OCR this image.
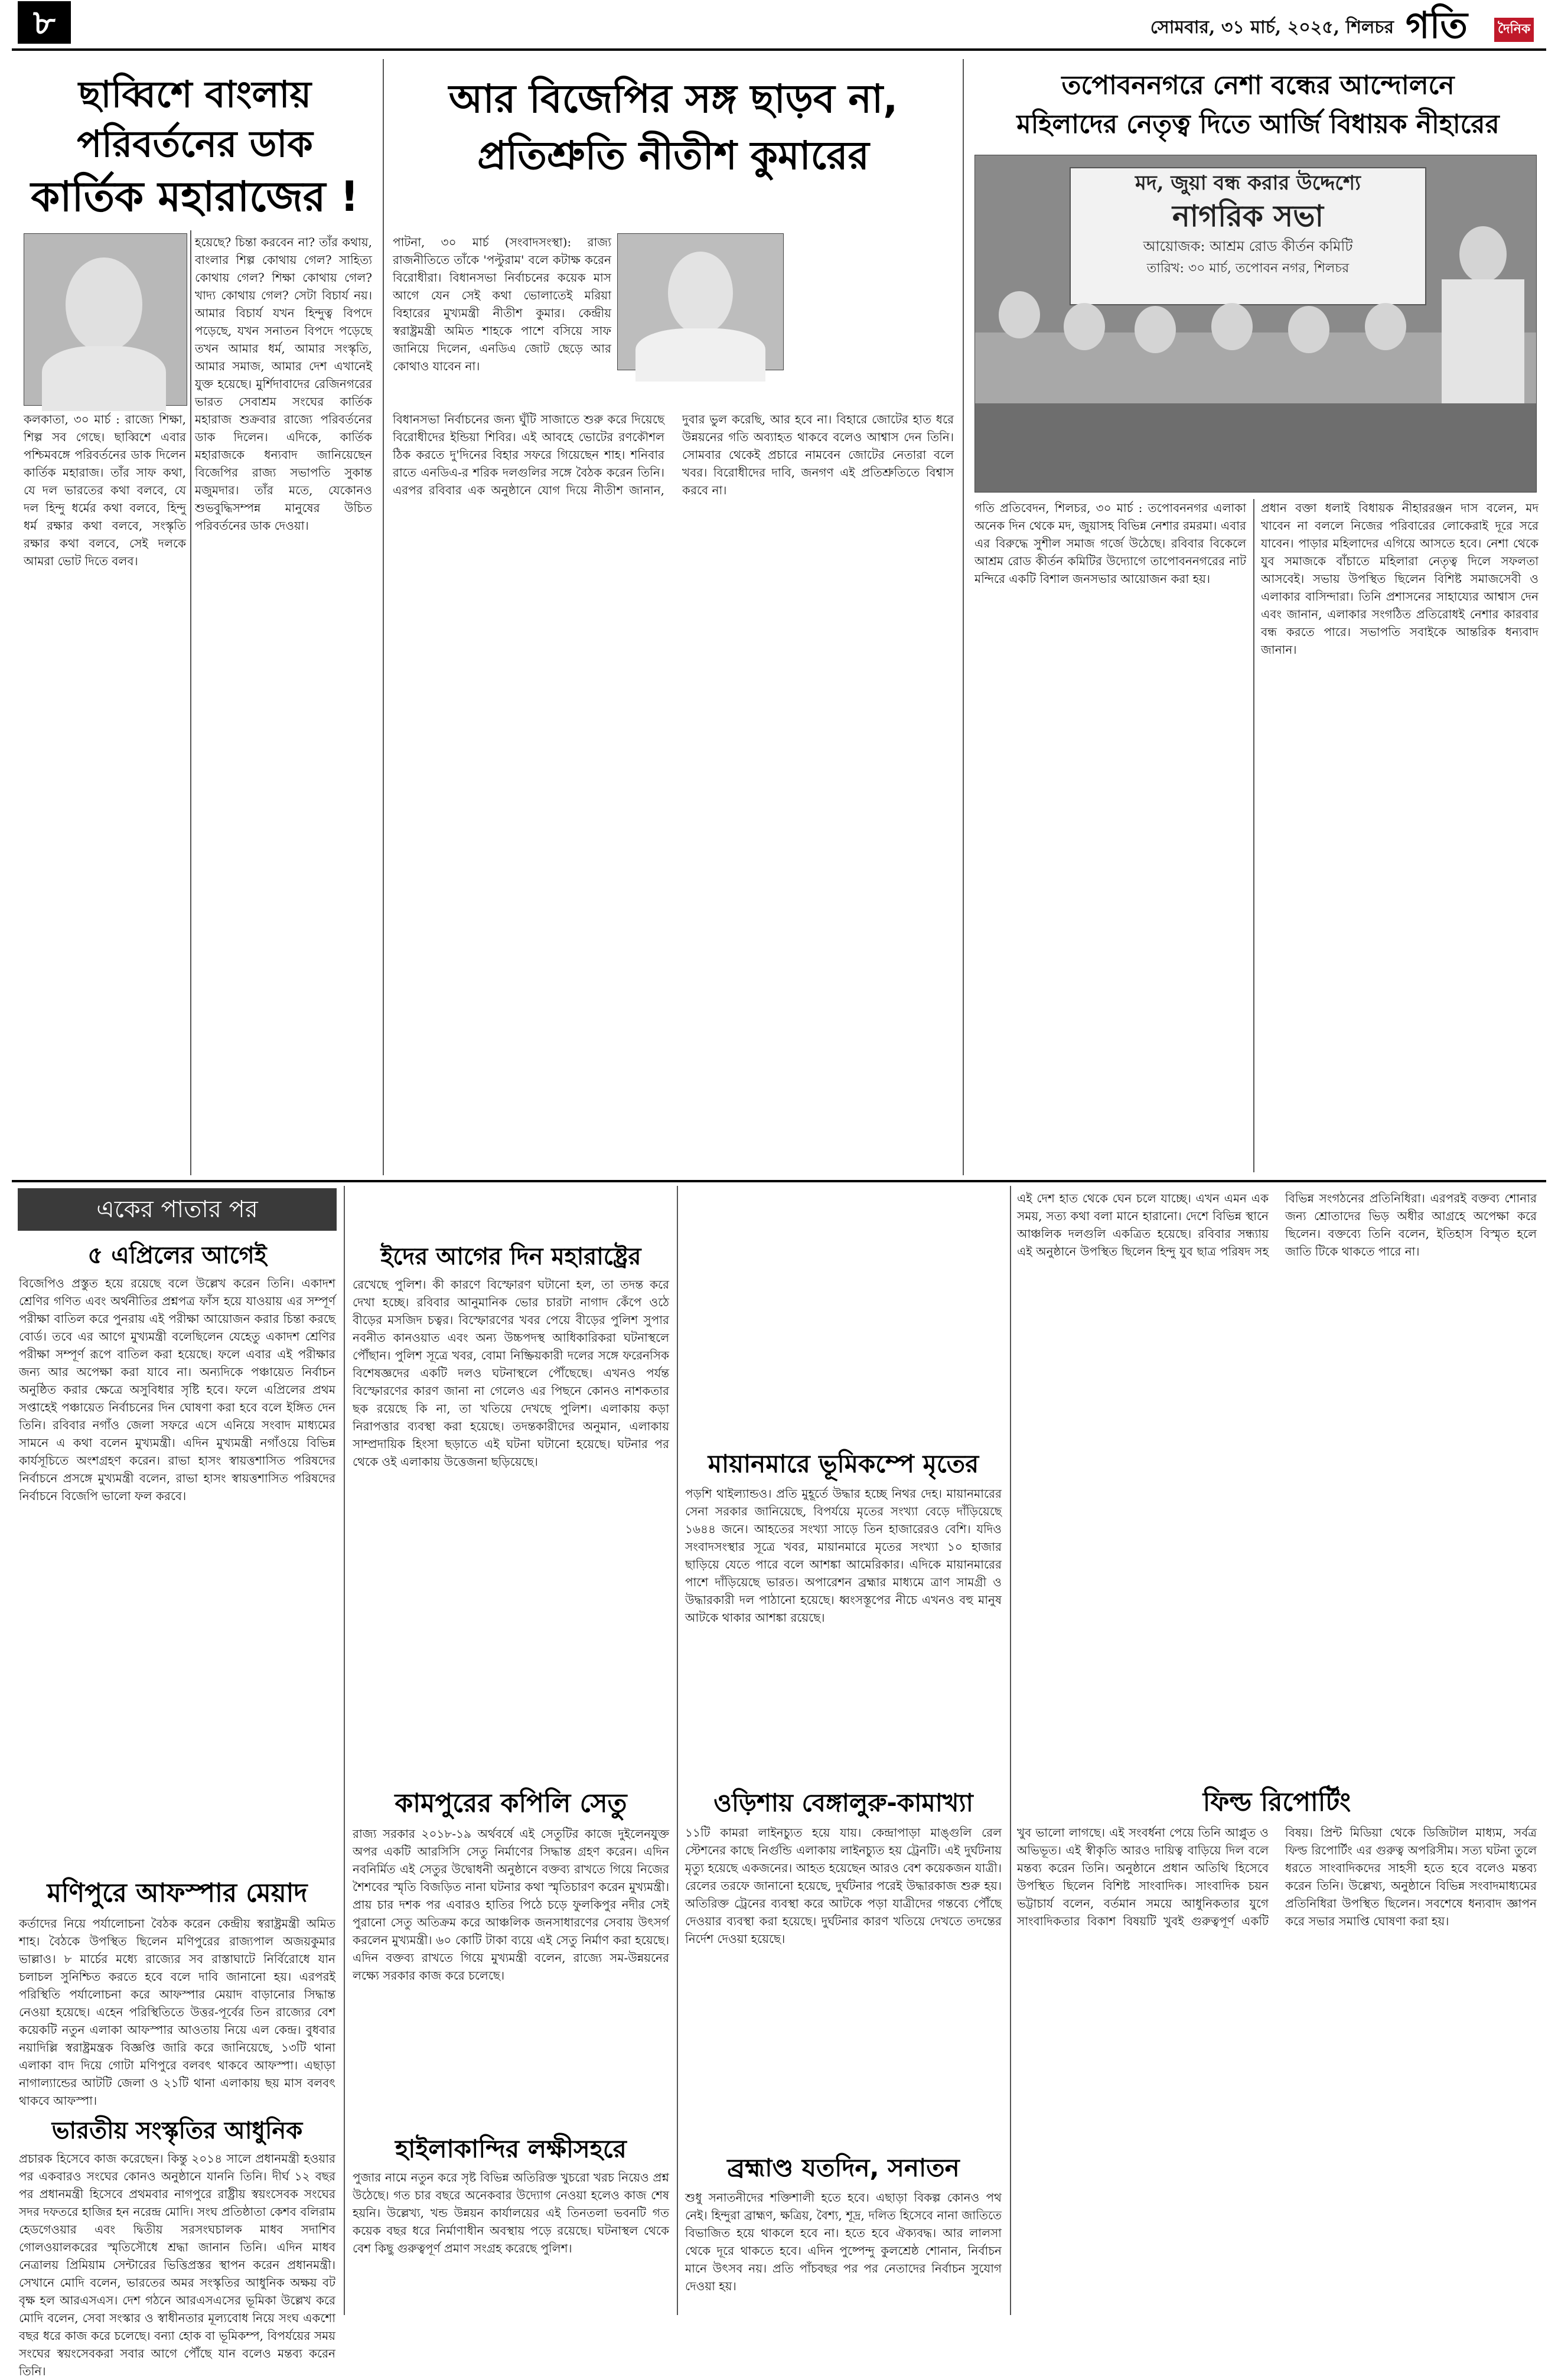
৮	সোমবার, ৩১ মার্চ, ২০২৫, শিলচর গতি দৈনিক
ছাব্বিশে বাংলায়
পরিবর্তনের ডাক
কার্তিক মহারাজের !
হয়েছে? চিন্তা করবেন না? তাঁর কথায়, বাংলার শিল্প কোথায় গেল? সাহিত্য কোথায় গেল? শিক্ষা কোথায় গেল? খাদ্য কোথায় গেল? সেটা বিচার্য নয়। আমার বিচার্য যখন হিন্দুত্ব বিপদে পড়েছে, যখন সনাতন বিপদে পড়েছে তখন আমার ধর্ম, আমার সংস্কৃতি, আমার সমাজ, আমার দেশ এখানেই যুক্ত হয়েছে। মুর্শিদাবাদের রেজিনগরের ভারত সেবাশ্রম সংঘের কার্তিক মহারাজ শুক্রবার রাজ্যে পরিবর্তনের ডাক দিলেন। এদিকে, কার্তিক মহারাজকে ধন্যবাদ জানিয়েছেন বিজেপির রাজ্য সভাপতি সুকান্ত মজুমদার। তাঁর মতে, যেকোনও শুভবুদ্ধিসম্পন্ন মানুষের উচিত পরিবর্তনের ডাক দেওয়া।
কলকাতা, ৩০ মার্চ : রাজ্যে শিক্ষা, শিল্প সব গেছে। ছাব্বিশে এবার পশ্চিমবঙ্গে পরিবর্তনের ডাক দিলেন কার্তিক মহারাজ। তাঁর সাফ কথা, যে দল ভারতের কথা বলবে, যে দল হিন্দু ধর্মের কথা বলবে, হিন্দু ধর্ম রক্ষার কথা বলবে, সংস্কৃতি রক্ষার কথা বলবে, সেই দলকে আমরা ভোট দিতে বলব।
আর বিজেপির সঙ্গ ছাড়ব না,
প্রতিশ্রুতি নীতীশ কুমারের
পাটনা, ৩০ মার্চ (সংবাদসংস্থা): রাজ্য রাজনীতিতে তাঁকে 'পল্টুরাম' বলে কটাক্ষ করেন বিরোধীরা। বিধানসভা নির্বাচনের কয়েক মাস আগে যেন সেই কথা ভোলাতেই মরিয়া বিহারের মুখ্যমন্ত্রী নীতীশ কুমার। কেন্দ্রীয় স্বরাষ্ট্রমন্ত্রী অমিত শাহকে পাশে বসিয়ে সাফ জানিয়ে দিলেন, এনডিএ জোট ছেড়ে আর কোথাও যাবেন না।
বিধানসভা নির্বাচনের জন্য ঘুঁটি সাজাতে শুরু করে দিয়েছে বিরোধীদের ইন্ডিয়া শিবির। এই আবহে ভোটের রণকৌশল ঠিক করতে দু'দিনের বিহার সফরে গিয়েছেন শাহ। শনিবার রাতে এনডিএ-র শরিক দলগুলির সঙ্গে বৈঠক করেন তিনি। এরপর রবিবার এক অনুষ্ঠানে যোগ দিয়ে নীতীশ জানান, দুবার ভুল করেছি, আর হবে না। বিহারে জোটের হাত ধরে উন্নয়নের গতি অব্যাহত থাকবে বলেও আশ্বাস দেন তিনি। সোমবার থেকেই প্রচারে নামবেন জোটের নেতারা বলে খবর। বিরোধীদের দাবি, জনগণ এই প্রতিশ্রুতিতে বিশ্বাস করবে না।
তপোবননগরে নেশা বন্ধের আন্দোলনে
মহিলাদের নেতৃত্ব দিতে আর্জি বিধায়ক নীহারের
মদ, জুয়া বন্ধ করার উদ্দেশ্যে
নাগরিক সভা
আয়োজক: আশ্রম রোড কীর্তন কমিটি
তারিখ: ৩০ মার্চ, তপোবন নগর, শিলচর
গতি প্রতিবেদন, শিলচর, ৩০ মার্চ : তপোবননগর এলাকা অনেক দিন থেকে মদ, জুয়াসহ বিভিন্ন নেশার রমরমা। এবার এর বিরুদ্ধে সুশীল সমাজ গর্জে উঠেছে। রবিবার বিকেলে আশ্রম রোড কীর্তন কমিটির উদ্যোগে তাপোবননগরের নাট মন্দিরে একটি বিশাল জনসভার আয়োজন করা হয়।
প্রধান বক্তা ধলাই বিধায়ক নীহাররঞ্জন দাস বলেন, মদ খাবেন না বললে নিজের পরিবারের লোকেরাই দূরে সরে যাবেন। পাড়ার মহিলাদের এগিয়ে আসতে হবে। নেশা থেকে যুব সমাজকে বাঁচাতে মহিলারা নেতৃত্ব দিলে সফলতা আসবেই। সভায় উপস্থিত ছিলেন বিশিষ্ট সমাজসেবী ও এলাকার বাসিন্দারা। তিনি প্রশাসনের সাহায্যের আশ্বাস দেন এবং জানান, এলাকার সংগঠিত প্রতিরোধই নেশার কারবার বন্ধ করতে পারে। সভাপতি সবাইকে আন্তরিক ধন্যবাদ জানান।
একের পাতার পর
৫ এপ্রিলের আগেই
বিজেপিও প্রস্তুত হয়ে রয়েছে বলে উল্লেখ করেন তিনি। একাদশ শ্রেণির গণিত এবং অর্থনীতির প্রশ্নপত্র ফাঁস হয়ে যাওয়ায় এর সম্পূর্ণ পরীক্ষা বাতিল করে পুনরায় এই পরীক্ষা আয়োজন করার চিন্তা করছে বোর্ড। তবে এর আগে মুখ্যমন্ত্রী বলেছিলেন যেহেতু একাদশ শ্রেণির পরীক্ষা সম্পূর্ণ রূপে বাতিল করা হয়েছে। ফলে এবার এই পরীক্ষার জন্য আর অপেক্ষা করা যাবে না। অন্যদিকে পঞ্চায়েত নির্বাচন অনুষ্ঠিত করার ক্ষেত্রে অসুবিধার সৃষ্টি হবে। ফলে এপ্রিলের প্রথম সপ্তাহেই পঞ্চায়েত নির্বাচনের দিন ঘোষণা করা হবে বলে ইঙ্গিত দেন তিনি। রবিবার নগাঁও জেলা সফরে এসে এনিয়ে সংবাদ মাধ্যমের সামনে এ কথা বলেন মুখ্যমন্ত্রী। এদিন মুখ্যমন্ত্রী নগাঁওয়ে বিভিন্ন কার্যসূচিতে অংশগ্রহণ করেন। রাভা হাসং স্বায়ত্তশাসিত পরিষদের নির্বাচনে প্রসঙ্গে মুখ্যমন্ত্রী বলেন, রাভা হাসং স্বায়ত্তশাসিত পরিষদের নির্বাচনে বিজেপি ভালো ফল করবে।
মণিপুরে আফস্পার মেয়াদ
কর্তাদের নিয়ে পর্যালোচনা বৈঠক করেন কেন্দ্রীয় স্বরাষ্ট্রমন্ত্রী অমিত শাহ। বৈঠকে উপস্থিত ছিলেন মণিপুরের রাজ্যপাল অজয়কুমার ভাল্লাও। ৮ মার্চের মধ্যে রাজ্যের সব রাস্তাঘাটে নির্বিরোধে যান চলাচল সুনিশ্চিত করতে হবে বলে দাবি জানানো হয়। এরপরই পরিস্থিতি পর্যালোচনা করে আফস্পার মেয়াদ বাড়ানোর সিদ্ধান্ত নেওয়া হয়েছে। এহেন পরিস্থিতিতে উত্তর-পূর্বের তিন রাজ্যের বেশ কয়েকটি নতুন এলাকা আফস্পার আওতায় নিয়ে এল কেন্দ্র। বুধবার নয়াদিল্লি স্বরাষ্ট্রমন্ত্রক বিজ্ঞপ্তি জারি করে জানিয়েছে, ১৩টি থানা এলাকা বাদ দিয়ে গোটা মণিপুরে বলবৎ থাকবে আফস্পা। এছাড়া নাগাল্যান্ডের আটটি জেলা ও ২১টি থানা এলাকায় ছয় মাস বলবৎ থাকবে আফস্পা।
ভারতীয় সংস্কৃতির আধুনিক
প্রচারক হিসেবে কাজ করেছেন। কিন্তু ২০১৪ সালে প্রধানমন্ত্রী হওয়ার পর একবারও সংঘের কোনও অনুষ্ঠানে যাননি তিনি। দীর্ঘ ১২ বছর পর প্রধানমন্ত্রী হিসেবে প্রথমবার নাগপুরে রাষ্ট্রীয় স্বয়ংসেবক সংঘের সদর দফতরে হাজির হন নরেন্দ্র মোদি। সংঘ প্রতিষ্ঠাতা কেশব বলিরাম হেডগেওয়ার এবং দ্বিতীয় সরসংঘচালক মাধব সদাশিব গোলওয়ালকরের স্মৃতিসৌধে শ্রদ্ধা জানান তিনি। এদিন মাধব নেত্রালয় প্রিমিয়াম সেন্টারের ভিত্তিপ্রস্তর স্থাপন করেন প্রধানমন্ত্রী। সেখানে মোদি বলেন, ভারতের অমর সংস্কৃতির আধুনিক অক্ষয় বট বৃক্ষ হল আরএসএস। দেশ গঠনে আরএসএসের ভূমিকা উল্লেখ করে মোদি বলেন, সেবা সংস্কার ও স্বাধীনতার মূল্যবোধ নিয়ে সংঘ একশো বছর ধরে কাজ করে চলেছে। বন্যা হোক বা ভূমিকম্প, বিপর্যয়ের সময় সংঘের স্বয়ংসেবকরা সবার আগে পৌঁছে যান বলেও মন্তব্য করেন তিনি।
ইদের আগের দিন মহারাষ্ট্রের
রেখেছে পুলিশ। কী কারণে বিস্ফোরণ ঘটানো হল, তা তদন্ত করে দেখা হচ্ছে। রবিবার আনুমানিক ভোর চারটা নাগাদ কেঁপে ওঠে বীড়ের মসজিদ চত্বর। বিস্ফোরণের খবর পেয়ে বীড়ের পুলিশ সুপার নবনীত কানওয়াত এবং অন্য উচ্চপদস্থ আধিকারিকরা ঘটনাস্থলে পৌঁছান। পুলিশ সূত্রে খবর, বোমা নিষ্ক্রিয়কারী দলের সঙ্গে ফরেনসিক বিশেষজ্ঞদের একটি দলও ঘটনাস্থলে পৌঁছেছে। এখনও পর্যন্ত বিস্ফোরণের কারণ জানা না গেলেও এর পিছনে কোনও নাশকতার ছক রয়েছে কি না, তা খতিয়ে দেখছে পুলিশ। এলাকায় কড়া নিরাপত্তার ব্যবস্থা করা হয়েছে। তদন্তকারীদের অনুমান, এলাকায় সাম্প্রদায়িক হিংসা ছড়াতে এই ঘটনা ঘটানো হয়েছে। ঘটনার পর থেকে ওই এলাকায় উত্তেজনা ছড়িয়েছে।
কামপুরের কপিলি সেতু
রাজ্য সরকার ২০১৮-১৯ অর্থবর্ষে এই সেতুটির কাজে দুইলেনযুক্ত অপর একটি আরসিসি সেতু নির্মাণের সিদ্ধান্ত গ্রহণ করেন। এদিন নবনির্মিত এই সেতুর উদ্বোধনী অনুষ্ঠানে বক্তব্য রাখতে গিয়ে নিজের শৈশবের স্মৃতি বিজড়িত নানা ঘটনার কথা স্মৃতিচারণ করেন মুখ্যমন্ত্রী। প্রায় চার দশক পর এবারও হাতির পিঠে চড়ে ফুলকিপুর নদীর সেই পুরানো সেতু অতিক্রম করে আঞ্চলিক জনসাধারণের সেবায় উৎসর্গ করলেন মুখ্যমন্ত্রী। ৬০ কোটি টাকা ব্যয়ে এই সেতু নির্মাণ করা হয়েছে। এদিন বক্তব্য রাখতে গিয়ে মুখ্যমন্ত্রী বলেন, রাজ্যে সম-উন্নয়নের লক্ষ্যে সরকার কাজ করে চলেছে।
হাইলাকান্দির লক্ষীসহরে
পুজার নামে নতুন করে সৃষ্ট বিভিন্ন অতিরিক্ত খুচরো খরচ নিয়েও প্রশ্ন উঠেছে। গত চার বছরে অনেকবার উদ্যোগ নেওয়া হলেও কাজ শেষ হয়নি। উল্লেখ্য, খন্ড উন্নয়ন কার্যালয়ের এই তিনতলা ভবনটি গত কয়েক বছর ধরে নির্মাণাধীন অবস্থায় পড়ে রয়েছে। ঘটনাস্থল থেকে বেশ কিছু গুরুত্বপূর্ণ প্রমাণ সংগ্রহ করেছে পুলিশ।
মায়ানমারে ভূমিকম্পে মৃতের
পড়শি থাইল্যান্ডও। প্রতি মুহূর্তে উদ্ধার হচ্ছে নিথর দেহ। মায়ানমারের সেনা সরকার জানিয়েছে, বিপর্যয়ে মৃতের সংখ্যা বেড়ে দাঁড়িয়েছে ১৬৪৪ জনে। আহতের সংখ্যা সাড়ে তিন হাজারেরও বেশি। যদিও সংবাদসংস্থার সূত্রে খবর, মায়ানমারে মৃতের সংখ্যা ১০ হাজার ছাড়িয়ে যেতে পারে বলে আশঙ্কা আমেরিকার। এদিকে মায়ানমারের পাশে দাঁড়িয়েছে ভারত। অপারেশন ব্রহ্মার মাধ্যমে ত্রাণ সামগ্রী ও উদ্ধারকারী দল পাঠানো হয়েছে। ধ্বংসস্তূপের নীচে এখনও বহু মানুষ আটকে থাকার আশঙ্কা রয়েছে।
ওড়িশায় বেঙ্গালুরু-কামাখ্যা
১১টি কামরা লাইনচ্যুত হয়ে যায়। কেন্দ্রাপাড়া মাঙ্গুলি রেল স্টেশনের কাছে নির্গুন্ডি এলাকায় লাইনচ্যুত হয় ট্রেনটি। এই দুর্ঘটনায় মৃত্যু হয়েছে একজনের। আহত হয়েছেন আরও বেশ কয়েকজন যাত্রী। রেলের তরফে জানানো হয়েছে, দুর্ঘটনার পরেই উদ্ধারকাজ শুরু হয়। অতিরিক্ত ট্রেনের ব্যবস্থা করে আটকে পড়া যাত্রীদের গন্তব্যে পৌঁছে দেওয়ার ব্যবস্থা করা হয়েছে। দুর্ঘটনার কারণ খতিয়ে দেখতে তদন্তের নির্দেশ দেওয়া হয়েছে।
ব্রহ্মাণ্ড যতদিন, সনাতন
শুধু সনাতনীদের শক্তিশালী হতে হবে। এছাড়া বিকল্প কোনও পথ নেই। হিন্দুরা ব্রাহ্মণ, ক্ষত্রিয়, বৈশ্য, শূদ্র, দলিত হিসেবে নানা জাতিতে বিভাজিত হয়ে থাকলে হবে না। হতে হবে ঐক্যবদ্ধ। আর লালসা থেকে দূরে থাকতে হবে। এদিন পুষ্পেন্দু কুলশ্রেষ্ঠ শোনান, নির্বাচন মানে উৎসব নয়। প্রতি পাঁচবছর পর পর নেতাদের নির্বাচন সুযোগ দেওয়া হয়।
এই দেশ হাত থেকে ঘেন চলে যাচ্ছে। এখন এমন এক সময়, সত্য কথা বলা মানে হারানো। দেশে বিভিন্ন স্থানে আঞ্চলিক দলগুলি একত্রিত হয়েছে। রবিবার সন্ধ্যায় এই অনুষ্ঠানে উপস্থিত ছিলেন হিন্দু যুব ছাত্র পরিষদ সহ বিভিন্ন সংগঠনের প্রতিনিধিরা। এরপরই বক্তব্য শোনার জন্য শ্রোতাদের ভিড় অধীর আগ্রহে অপেক্ষা করে ছিলেন। বক্তব্যে তিনি বলেন, ইতিহাস বিস্মৃত হলে জাতি টিকে থাকতে পারে না।
ফিল্ড রিপোর্টিং
খুব ভালো লাগছে। এই সংবর্ধনা পেয়ে তিনি আপ্লুত ও অভিভূত। এই স্বীকৃতি আরও দায়িত্ব বাড়িয়ে দিল বলে মন্তব্য করেন তিনি। অনুষ্ঠানে প্রধান অতিথি হিসেবে উপস্থিত ছিলেন বিশিষ্ট সাংবাদিক। সাংবাদিক চয়ন ভট্টাচার্য বলেন, বর্তমান সময়ে আধুনিকতার যুগে সাংবাদিকতার বিকাশ বিষয়টি খুবই গুরুত্বপূর্ণ একটি বিষয়। প্রিন্ট মিডিয়া থেকে ডিজিটাল মাধ্যম, সর্বত্র ফিল্ড রিপোর্টিং এর গুরুত্ব অপরিসীম। সত্য ঘটনা তুলে ধরতে সাংবাদিকদের সাহসী হতে হবে বলেও মন্তব্য করেন তিনি। উল্লেখ্য, অনুষ্ঠানে বিভিন্ন সংবাদমাধ্যমের প্রতিনিধিরা উপস্থিত ছিলেন। সবশেষে ধন্যবাদ জ্ঞাপন করে সভার সমাপ্তি ঘোষণা করা হয়।
